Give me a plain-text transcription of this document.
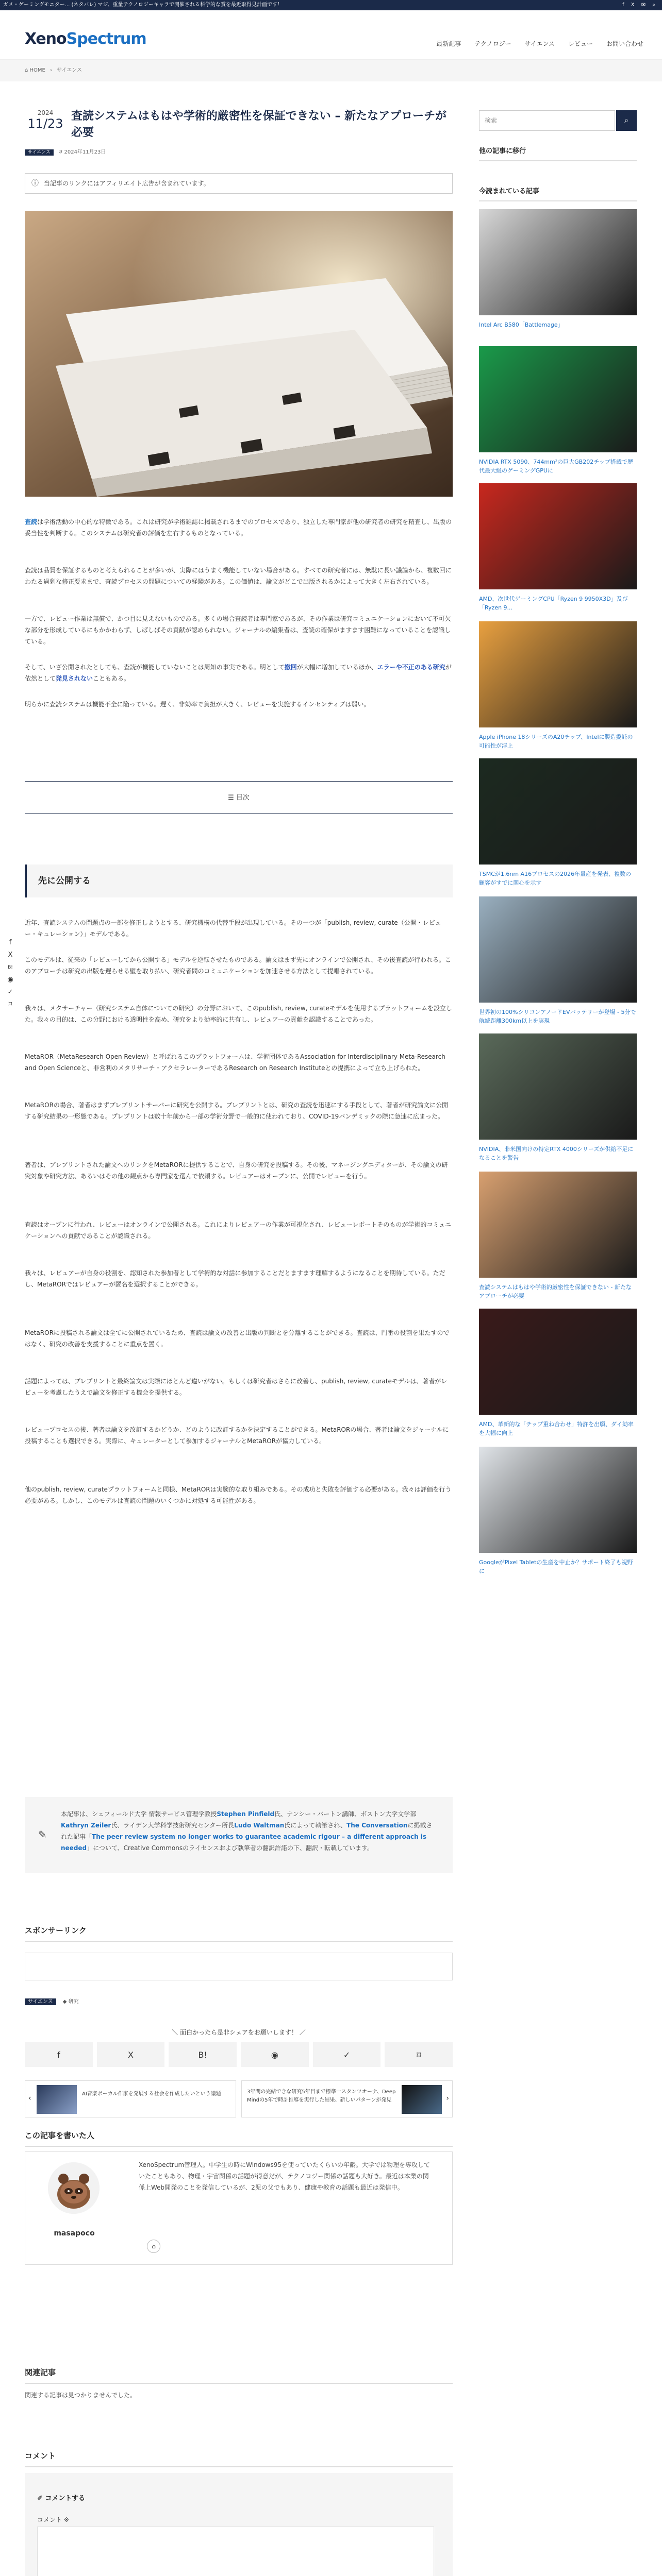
ガメ・ゲーミングモニター... (ネタバレ) マジ、重量テクノロジーキャラで開催される科学的な賞を最近取得見計画です！	f X ✉ ⌕
XenoSpectrum	最新記事 テクノロジー サイエンス レビュー お問い合わせ
⌂ HOME › サイエンス
2024
11/23
査読システムはもはや学術的厳密性を保証できない – 新たなアプローチが必要
サイエンス ↺ 2024年11月23日
ⓘ 当記事のリンクにはアフィリエイト広告が含まれています。

査読は学術活動の中心的な特徴である。これは研究が学術雑誌に掲載されるまでのプロセスであり、独立した専門家が他の研究者の研究を精査し、出版の妥当性を判断する。このシステムは研究者の評価を左右するものとなっている。

査読は品質を保証するものと考えられることが多いが、実際にはうまく機能していない場合がある。すべての研究者には、無駄に長い議論から、複数回にわたる過剰な修正要求まで、査読プロセスの問題についての経験がある。この価値は、論文がどこで出版されるかによって大きく左右されている。

一方で、レビュー作業は無償で、かつ目に見えないものである。多くの場合査読者は専門家であるが、その作業は研究コミュニケーションにおいて不可欠な部分を形成しているにもかかわらず、しばしばその貢献が認められない。ジャーナルの編集者は、査読の確保がますます困難になっていることを認識している。

そして、いざ公開されたとしても、査読が機能していないことは周知の事実である。明として撤回が大幅に増加しているほか、エラーや不正のある研究が依然として発見されないこともある。

明らかに査読システムは機能不全に陥っている。遅く、非効率で負担が大きく、レビューを実施するインセンティブは弱い。

☰ 目次
先に公開する

近年、査読システムの問題点の一部を修正しようとする、研究機構の代替手段が出現している。その一つが「publish, review, curate（公開・レビュー・キュレーション）」モデルである。

このモデルは、従来の「レビューしてから公開する」モデルを逆転させたものである。論文はまず先にオンラインで公開され、その後査読が行われる。このアプローチは研究の出版を遅らせる壁を取り払い、研究者間のコミュニケーションを加速させる方法として提唱されている。

我々は、メタサーチャー（研究システム自体についての研究）の分野において、このpublish, review, curateモデルを使用するプラットフォームを設立した。我々の目的は、この分野における透明性を高め、研究をより効率的に共有し、レビュアーの貢献を認識することであった。

MetaROR（MetaResearch Open Review）と呼ばれるこのプラットフォームは、学術団体であるAssociation for Interdisciplinary Meta-Research and Open Scienceと、非営利のメタリサーチ・アクセラレーターであるResearch on Research Instituteとの提携によって立ち上げられた。

MetaRORの場合、著者はまずプレプリントサーバーに研究を公開する。プレプリントとは、研究の査読を迅速にする手段として、著者が研究論文に公開する研究結果の一形態である。プレプリントは数十年前から一部の学術分野で一般的に使われており、COVID-19パンデミックの際に急速に広まった。

著者は、プレプリントされた論文へのリンクをMetaRORに提供することで、自身の研究を投稿する。その後、マネージングエディターが、その論文の研究対象や研究方法、あるいはその他の観点から専門家を選んで依頼する。レビュアーはオープンに、公開でレビューを行う。

査読はオープンに行われ、レビューはオンラインで公開される。これによりレビュアーの作業が可視化され、レビューレポートそのものが学術的コミュニケーションへの貢献であることが認識される。

我々は、レビュアーが自身の役割を、認知された参加者として学術的な対話に参加することだとますます理解するようになることを期待している。ただし、MetaRORではレビュアーが匿名を選択することができる。

MetaRORに投稿される論文は全てに公開されているため、査読は論文の改善と出版の判断とを分離することができる。査読は、門番の役割を果たすのではなく、研究の改善を支援することに重点を置く。

話題によっては、プレプリントと最終論文は実際にほとんど違いがない。もしくは研究者はさらに改善し、publish, review, curateモデルは、著者がレビューを考慮したうえで論文を修正する機会を提供する。

レビュープロセスの後、著者は論文を改訂するかどうか、どのように改訂するかを決定することができる。MetaRORの場合、著者は論文をジャーナルに投稿することも選択できる。実際に、キュレーターとして参加するジャーナルとMetaRORが協力している。

他のpublish, review, curateプラットフォームと同様、MetaRORは実験的な取り組みである。その成功と失敗を評価する必要がある。我々は評価を行う必要がある。しかし、このモデルは査読の問題のいくつかに対処する可能性がある。

✎
本記事は、シェフィールド大学 情報サービス管理学教授Stephen Pinfield氏、ナンシー・バートン講師、ボストン大学文学部Kathryn Zeiler氏、ライデン大学科学技術研究センター所長Ludo Waltman氏によって執筆され、The Conversationに掲載された記事「The peer review system no longer works to guarantee academic rigour – a different approach is needed」について、Creative Commonsのライセンスおよび執筆者の翻訳許諾の下、翻訳・転載しています。
スポンサーリンク
サイエンス ◆ 研究
＼ 面白かったら是非シェアをお願いします！ ／
f	X	B!	◉	✓	⌑
‹
AI音楽ボーカル作家を発展する社会を作成したいという議題	3年間の完結できな研究5年目まで標準一スタンツオーナ、Deep Mindの5年で時計推導を実行した結果、新しいパターンが発見	›
この記事を書いた人
masapoco

XenoSpectrum管理人。中学生の時にWindows95を使っていたくらいの年齢。大学では物理を専攻していたこともあり、物理・宇宙関係の話題が得意だが、テクノロジー関係の話題も大好き。最近は本業の関係上Web開発のことを発信しているが、2児の父でもあり、健康や教育の話題も最近は発信中。

⌂
関連記事
関連する記事は見つかりませんでした。
コメント
✐ コメントする
コメント ※
f
X
B!
◉
✓
⌑
検索	⌕
他の記事に移行
今読まれている記事
Intel Arc B580「Battlemage」
NVIDIA RTX 5090、744mm²の巨大GB202チップ搭載で歴代最大級のゲーミングGPUに
AMD、次世代ゲーミングCPU「Ryzen 9 9950X3D」及び「Ryzen 9...
Apple iPhone 18シリーズのA20チップ、Intelに製造委託の可能性が浮上
TSMCが1.6nm A16プロセスの2026年量産を発表、複数の顧客がすでに関心を示す
世界初の100%シリコンアノードEVバッテリーが登場 - 5分で航続距離300km以上を実現
NVIDIA、非米国向けの特定RTX 4000シリーズが供給不足になることを警告
査読システムはもはや学術的厳密性を保証できない - 新たなアプローチが必要
AMD、革新的な「チップ重ね合わせ」特許を出願、ダイ効率を大幅に向上
GoogleがPixel Tabletの生産を中止か？サポート終了も視野に
